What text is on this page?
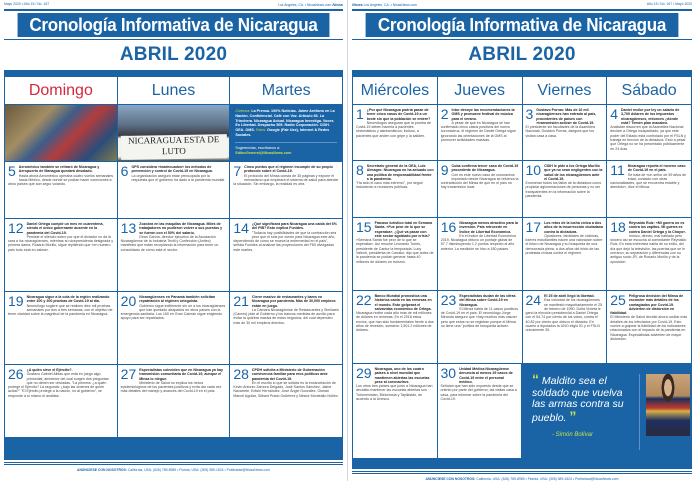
Mayo 2020 • Año 15 / No. 167	Los Angeles, CA. • NicasNews.com Nicas
Cronología Informativa de Nicaragua
ABRIL 2020
Domingo	Lunes	Martes
NICARAGUA ESTA DE LUTO
Cortesía: La Prensa. 100% Noticias. Jaime Arellano en La Nación. Confidencial. Café con Voz. Artículo 66. La Trinchera. Nicaragua Actual. Nicaragua Investiga. Voces En Libertad. Despacho 505. Radio Corporación. CIDH. OEA. OMS. Fotos: Google (Fair Use), Internet & Redes Sociales.
Sugerencias, escríbanos a:
EditorGeneral@NicasNews.com
5 Aeroméxico también se retiraró de Nicaragua y Aeropuerto de Managua quedará desolado.
Hasta ahora Aeroméxico operaba cuatro vuelos semanales hacia México, desde donde se podían hacer conexiones a otros países que aún seguí volando.
6 OPS considera «inadecuados» los métodos de prevención y control de Covid-19 en Nicaragua.
La organización aseguró estar preocupada por la respuesta que el gobierno ha dado a la pandemia mundial.
7 Cinco puntos que el régimen incumple de su propio protocolo sobre el Covid-19.
El protocolo del Minsa consta de 35 páginas y expone el mecanismo que empleará el sistema de salud para atender la situación. Sin embargo, la realidad es otra.
12 Daniel Ortega cumple un mes en cuarentena, siendo el único gobernante ausente en la pandemia del Covid-19.
Persiste el silencio sobre por qué el dictador no da la cara a los nicaragüenses, mientras su vicepresidenta designada y primera dama, Rosario Murillo, sigue repitiendo que «en nuestro país todo está en calma».
13 Zozobra en las maquilas de Nicaragua. Miles de trabajadores no pudieron volver a sus puestos y se fueron con el 50% del salario.
Dean García, director ejecutivo de la Asociación Nicaragüense de la Industria Textil y Confección (Anitec) manifestó que están recopilando la información para tener un consolidado de cómo está el sector.
14 ¿Qué significará para Nicaragua una caída del 6% del PIB? Esto explica Funides.
"Todavía hay posibilidades de que la contracción sea peor que el seis por ciento para Nicaragua este año, dependiendo de cómo se mueva la enfermedad en el país", señala Funides al analizar las proyecciones del FMI divulgadas este martes.
19 Nicaragua sigue a la cola de la región realizando entre 100 y 200 pruebas de Covid-19 al día.
Neumólogo sugiere que se realicen diez mil pruebas semanales por dos a tres semanas, con el objetivo de tener claridad sobre la magnitud de la pandemia en Nicaragua.
20 Nicaragüenses en Panamá también solicitan repatriación al régimen orteguista.
Gobierno sigue indiferente sin oír a los nicaragüenses que han quedado atrapados en otros países con la emergencia sanitaria. Los 160 en Gran Caimán sigue exigiendo apoyo para ser repatriados.
21 Cierre masivo de restaurantes y bares en Nicaragua por pandemia. Más de 30,000 empleos están en juego.
La Cámara Nicaragüense de Restaurantes y Similares (Canres) pide al Gobierno y los bancos medidas de auxilio para evitar la quiebra masiva de estos negocios, del cual dependen más de 30 mil empleos directos.
26 ¿A quién sirve el Ejército?.
Gustavo Gabriel Albiac que está en juego algo primordial, alrededor del cual surgen dos preguntas que no deben ser obviadas. "La primera: ¿a quién protege el Ejército? La segunda: ¿bajo las órdenes de quién actúa?" "El Ejército protege a la nación, no al gobierno", se responde a sí mismo el analista.
27 Especialistas coinciden que en Nicaragua ya hay transmisión comunitaria de Covid-19, aunque el Minsa lo niegue.
Ministerio de Salud no explica los nexos epidemiológicos de los pacientes positivos y evita dar cada vez más detalles del manejo y avances del Covid-19 en el país.
28 CPDH solicita a Ministerio de Gobernación convivencia familiar para reos políticos ante pandemia del Covid-19.
En el escrito lo que se solicita es la excarcelación de Kevin Antonio Zamora Delgado, José Santos Sánchez, Jaime Navarrete, Edwin Hernández, José Ángel González, Osman Marcel Aguilar, Silbant Prado Gutiérrez y Néstor Montealto Núñez.
ANÚNCIESE CON NOSOTROS: California, USA: (626) 789-8989 • Florida, USA: (305) 389-1524 • Publicidad@NicasNews.com
Nicas Los Angeles, CA. • NicasNews.com	Año 15 / No. 167 • Mayo 2020
Cronología Informativa de Nicaragua
ABRIL 2020
Miércoles	Jueves	Viernes	Sábado
1 ¿Por qué Nicaragua podría pasar de tener cinco casos de Covid-19 a un brote sin que la población se entere?
Neumólogos aseguran que la prueba de Covid-19 deben hacerla a pacientes sintomáticos y asintomáticos, incluso, a pacientes que anden con gripe y la saliden.
2 Intur desoye las recomendaciones la OMS y promueve festival de música para el verano.
A pesar de que en Nicaragua se han confirmado cinco casos positivos del nuevo coronavirus, el régimen de Daniel Ortega sigue ignorando las orientaciones de la OMS al promover actividades masivas.
3 Gustavo Porras: Más de 16 mil nicaragüenses han entrado al país, procedentes de países con «transmisión activa» de Covid-19.
El presidente sin facultades de la Asamblea Nacional, Gustavo Porras, asegura que los visitan casa a casa.
4 Daniel recibe por ley un salario de 3,700 dólares de los impuestos nicaragüenses, entonces ¿dónde está? Temen plan macabro.
Analistan discurren que la Asamblea Nacional declare a Ortega incapacitado, ya que este poder del Estado está controlado por el FSLN y trabaja en función de la dictadura. Esto a pesar que Ortega no se ha presentado públicamente en 24 días.
8 Secretario general de la OEA, Luis Almagro: Nicaragua no ha actuado con una política de responsabilidad frente a la pandemia.
"Ha sido el caso más extremo", por seguir induciendo a reuniones públicas.
9 Cuba confirma tercer caso de Covid-19 procedente de Nicaragua.
Con es este nuevo caso de coronavirus importado desde Nicaragua se refuerza la contradicción del Minsa de que en el país no hay transmisión local.
10 CIDH le pide a los Ortega Murillo que ya no sean negligentes con la salud de los nicaragüenses ante el Covid-19.
Enumeran todos los fallos de la dictadura como propiciar aglomeraciones de personas y no ser transparentes en la información sobre la pandemia.
11 Nicaragua reporta el noveno caso de Covid-19 en el país.
Se trata de «un señor de 59 años de edad, contacto con otras nacionalidades, que se encuentra estable y atendido», dice el Minsa.
15 Fracaso turístico total en Semana Santa. «Fue peor de lo que se esperaba». ¿Qué va pasar con este sector agobiado por crisis?
«Semana Santa fue peor de lo que se esperaba». Así resume Leonardo Torres, presidente de Cantur la temporada. Lucy Valenti, presidenta de Canatur, dijo que antes de la pandemia se podían generar hasta 40 millones de dólares en turismo.
16 Nicaragua menos atractivo para la inversión. País retrocede en Índice de Libertad Económica.
En el Índice de Libertad Económica 2019, Nicaragua obtuvo un puntaje global de 57.7 disminuyendo 1.2 puntos respecto al año anterior. La medición se hizo a 180 países.
17 Los retos de la lucha cívica a dos años de la insurrección ciudadana contra la dictadura.
Opositores, familiares de víctimas, líderes estudiantiles hacen una valoración sobre el futuro de Nicaragua y su búsqueda de una democracia plena, a dos años del inicio de las protestas cívicas contra el régimen.
18 Reynaldo Ruiz: «Mi guerra no es contra los zapitos. Mi guerra es contra Daniel Ortega y la Chayo».
Irónico, directo, mal hablado pero sincero así se escucha al comediante Reynaldo Ruiz. En esta entrevista habla de su exilio, del día que dejó la televisión, las puertas que se le cerraron, su separación y diferencias con su antiguo socio JR, de Rosario Murillo y de la oposición.
22 Banco Mundial pronostica una histórica caída en las remesas en el mundo. Esto golpeará el salvavidas económico de Ortega.
Nicaragua recibe cada año más de mil millones de dólares en remesas. En el 2018 estos envíos, que han sido fundamentales frente a dos años de recesión, sumaron 1,501.2 millones de dólares.
23 Especialistas dudan de las cifras del Minsa sobre Covid-19 en Nicaragua.
El Minsa habla de 11 casos positivos de Covid-19 en el país. El neumólogo Jorge Miranda aseguró que «hay muchos más casos» pero que estos no se registran porque el Minsa no tiene una "política de búsqueda activa».
24 El 25 de abril llegó la libertad.
Esa voluntad de los nicaragüenses se manifestó mayoritariamente el 25 de febrero de 1990. Doña Violeta le ganó la elección presidencial a Daniel Ortega con el 54.74 por ciento de los votos, contra el 40.82 por ciento que obtuvo el dictador. En cuanto a diputados la UNO eligió 51 y el FSLN únicamente 39.
25 Peligrosa decisión del Minsa de esconder más detalles de los contagiados por Covid-19. Advierten de distorsión en fiabilidad.
El Ministerio de Salud decidió ahora ocultar más detalles de los infectados por Covid-19. Esto vuelve a golpear la fiabilidad de los indicadores relacionados con el impacto de la pandemia en Nicaragua. Especialistas advierten de mayor distorsión.
29 Nicaragua, uno de los cuatro países a nivel mundial que mantienen abiertas las escuelas pese al coronavirus.
Los otros tres países que junto a Nicaragua han decidido mantener las escuelas abiertas son Turkmenistán, Bielorrusia y Tayikistán, de acuerdo a la Unesco.
30 Unidad Médica Nicaragüense denuncia al menos 29 casos de Covid-19 entre el personal médico.
Señalan que han sido expuesto desde que se orientó por parte del gobierno, las visitas casa a casa, para informar sobre la pandemia del Covid-19.
“ Maldito sea el soldado que vuelva las armas contra su pueblo. ”
- Simón Bolívar
ANÚNCIESE CON NOSOTROS: California, USA: (626) 789-8989 • Florida, USA: (305) 389-1524 • Publicidad@NicasNews.com
